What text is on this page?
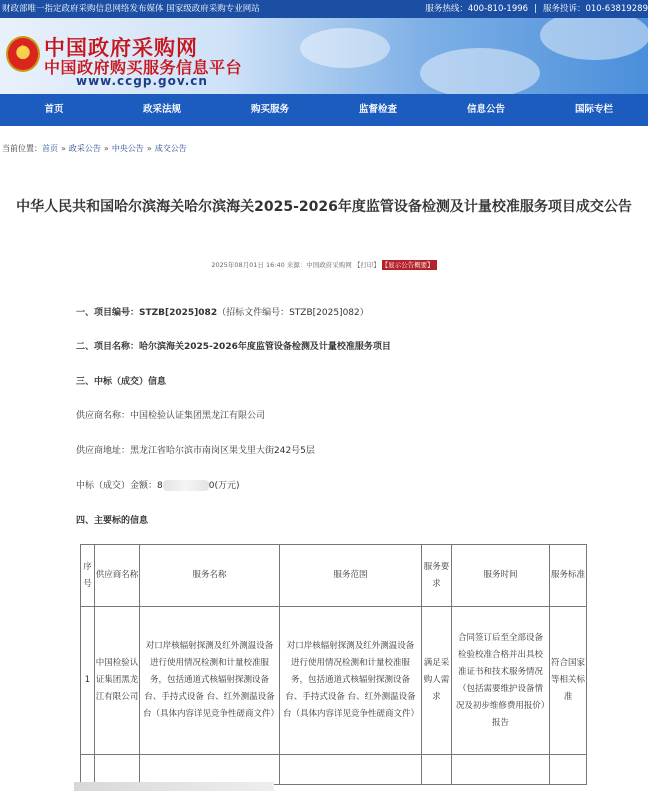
财政部唯一指定政府采购信息网络发布媒体 国家级政府采购专业网站	服务热线：400-810-1996 | 服务投诉：010-63819289
★
中国政府采购网
中国政府购买服务信息平台
www.ccgp.gov.cn
首页	政采法规	购买服务	监督检查	信息公告	国际专栏
当前位置：首页 » 政采公告 » 中央公告 » 成交公告
中华人民共和国哈尔滨海关哈尔滨海关2025-2026年度监管设备检测及计量校准服务项目成交公告
2025年08月01日 16:40 来源：中国政府采购网 【打印】 【显示公告概要】
一、项目编号：STZB[2025]082（招标文件编号：STZB[2025]082）
二、项目名称：哈尔滨海关2025-2026年度监管设备检测及计量校准服务项目
三、中标（成交）信息
供应商名称：中国检验认证集团黑龙江有限公司
供应商地址：黑龙江省哈尔滨市南岗区果戈里大街242号5层
中标（成交）金额：8	0(万元)
四、主要标的信息
序号	供应商名称	服务名称	服务范围	服务要求	服务时间	服务标准
1	中国检验认证集团黑龙江有限公司	对口岸核辐射探测及红外测温设备进行使用情况检测和计量校准服务，包括通道式核辐射探测设备 台、手持式设备 台、红外测温设备 台（具体内容详见竞争性磋商文件）	对口岸核辐射探测及红外测温设备进行使用情况检测和计量校准服务，包括通道式核辐射探测设备 台、手持式设备 台、红外测温设备 台（具体内容详见竞争性磋商文件）	满足采购人需求	合同签订后至全部设备检验校准合格并出具校准证书和技术服务情况（包括需要维护设备情况及初步维修费用报价）报告	符合国家等相关标准
